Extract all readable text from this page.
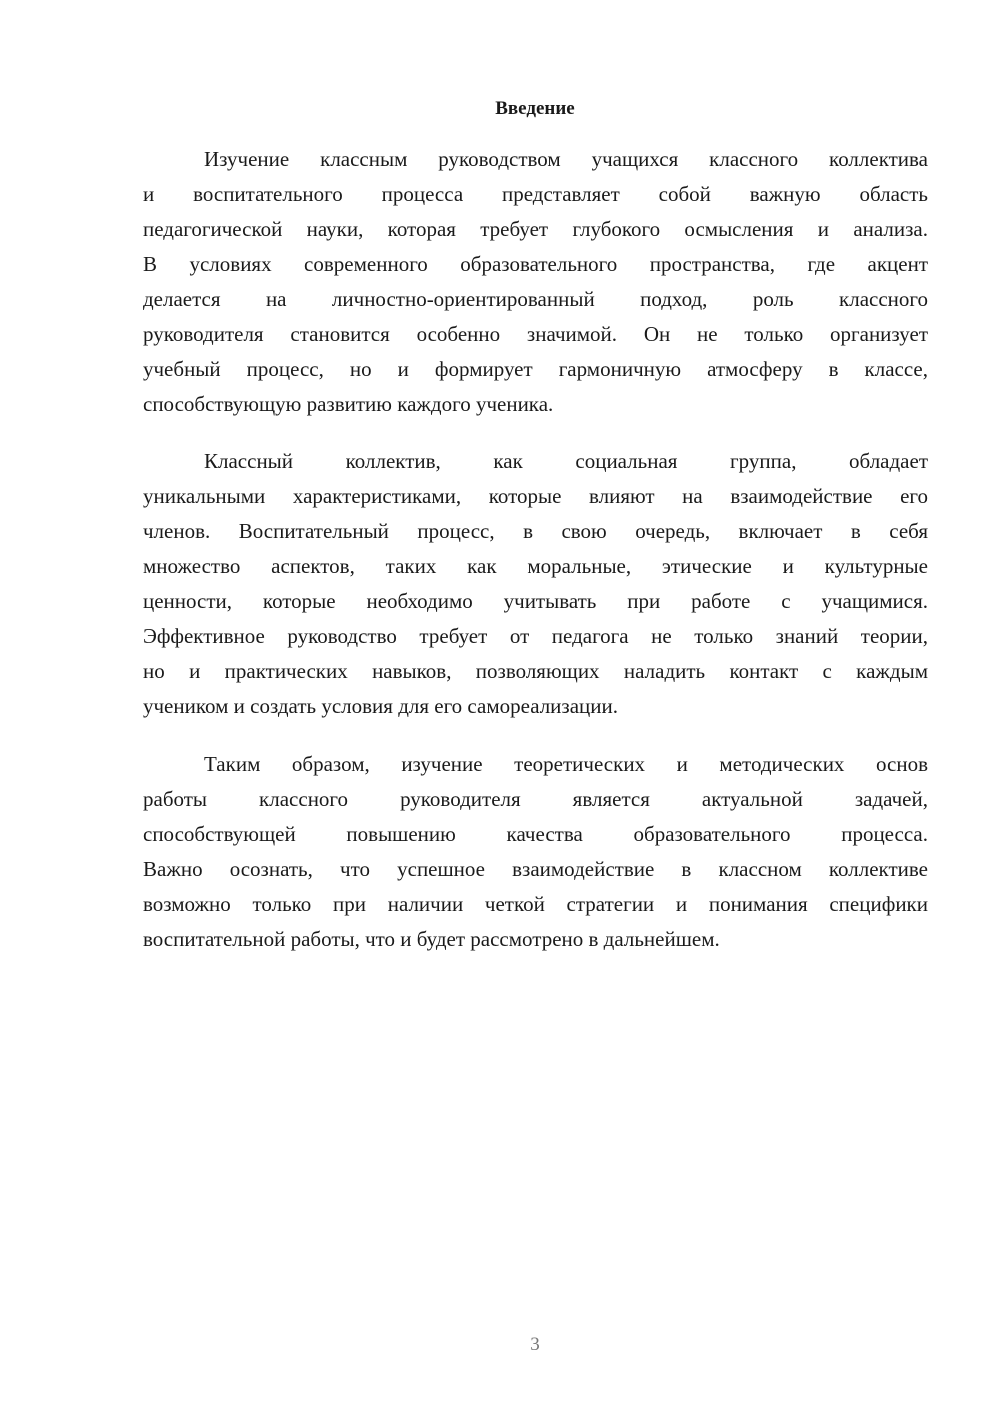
Введение
Изучение классным руководством учащихся классного коллектива
и воспитательного процесса представляет собой важную область
педагогической науки, которая требует глубокого осмысления и анализа.
В условиях современного образовательного пространства, где акцент
делается на личностно-ориентированный подход, роль классного
руководителя становится особенно значимой. Он не только организует
учебный процесс, но и формирует гармоничную атмосферу в классе,
способствующую развитию каждого ученика.
Классный коллектив, как социальная группа, обладает
уникальными характеристиками, которые влияют на взаимодействие его
членов. Воспитательный процесс, в свою очередь, включает в себя
множество аспектов, таких как моральные, этические и культурные
ценности, которые необходимо учитывать при работе с учащимися.
Эффективное руководство требует от педагога не только знаний теории,
но и практических навыков, позволяющих наладить контакт с каждым
учеником и создать условия для его самореализации.
Таким образом, изучение теоретических и методических основ
работы классного руководителя является актуальной задачей,
способствующей повышению качества образовательного процесса.
Важно осознать, что успешное взаимодействие в классном коллективе
возможно только при наличии четкой стратегии и понимания специфики
воспитательной работы, что и будет рассмотрено в дальнейшем.
3
